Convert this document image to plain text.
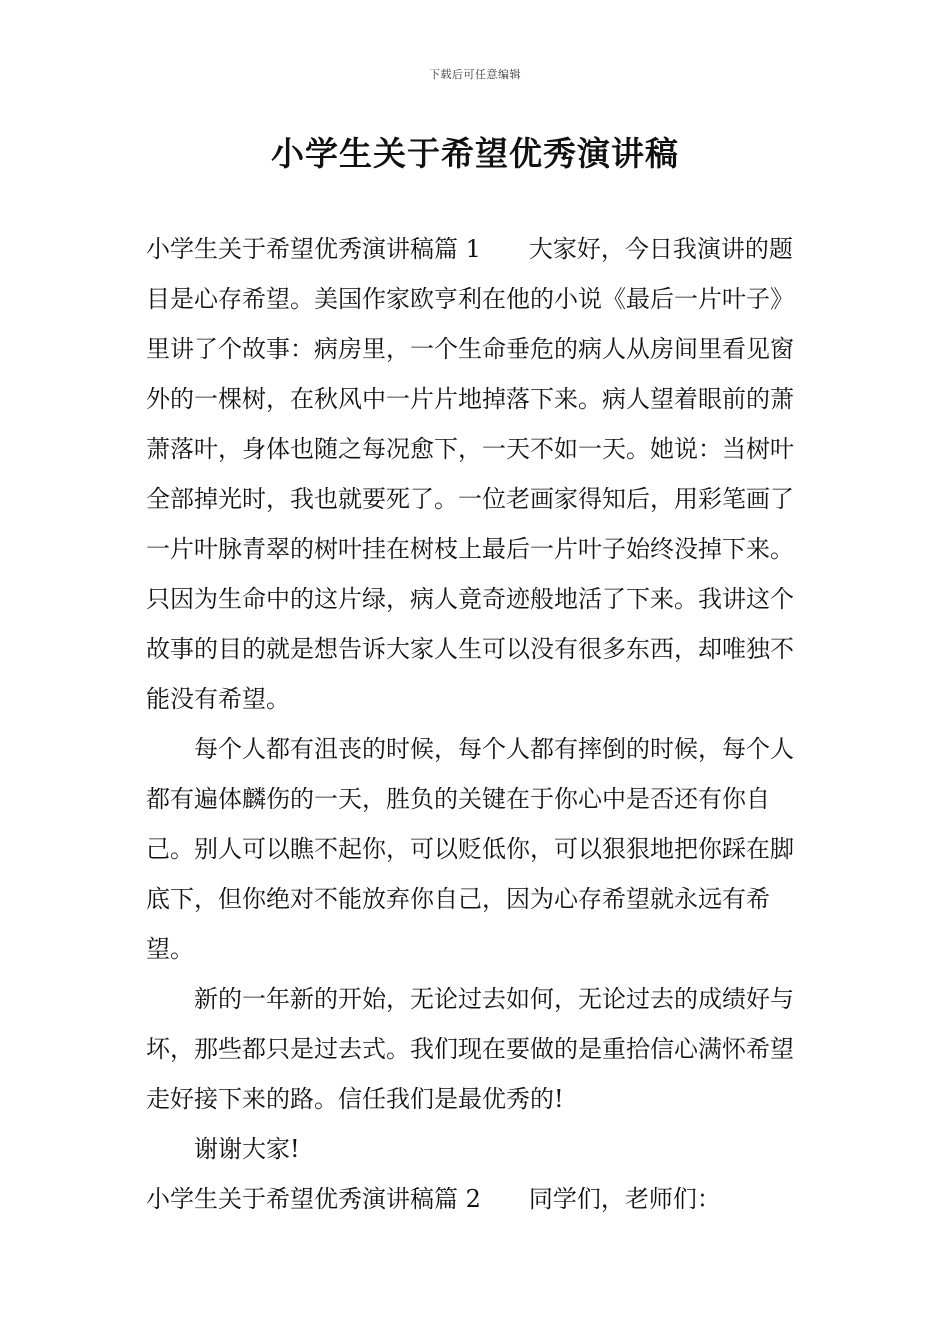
下载后可任意编辑
小学生关于希望优秀演讲稿

小学生关于希望优秀演讲稿篇 1 大家好，今日我演讲的题目是心存希望。美国作家欧亨利在他的小说《最后一片叶子》里讲了个故事：病房里，一个生命垂危的病人从房间里看见窗外的一棵树，在秋风中一片片地掉落下来。病人望着眼前的萧萧落叶，身体也随之每况愈下，一天不如一天。她说：当树叶全部掉光时，我也就要死了。一位老画家得知后，用彩笔画了一片叶脉青翠的树叶挂在树枝上最后一片叶子始终没掉下来。只因为生命中的这片绿，病人竟奇迹般地活了下来。我讲这个故事的目的就是想告诉大家人生可以没有很多东西，却唯独不能没有希望。

每个人都有沮丧的时候，每个人都有摔倒的时候，每个人都有遍体麟伤的一天，胜负的关键在于你心中是否还有你自己。别人可以瞧不起你，可以贬低你，可以狠狠地把你踩在脚底下，但你绝对不能放弃你自己，因为心存希望就永远有希望。

新的一年新的开始，无论过去如何，无论过去的成绩好与坏，那些都只是过去式。我们现在要做的是重拾信心满怀希望走好接下来的路。信任我们是最优秀的!

谢谢大家!

小学生关于希望优秀演讲稿篇 2 同学们，老师们：
